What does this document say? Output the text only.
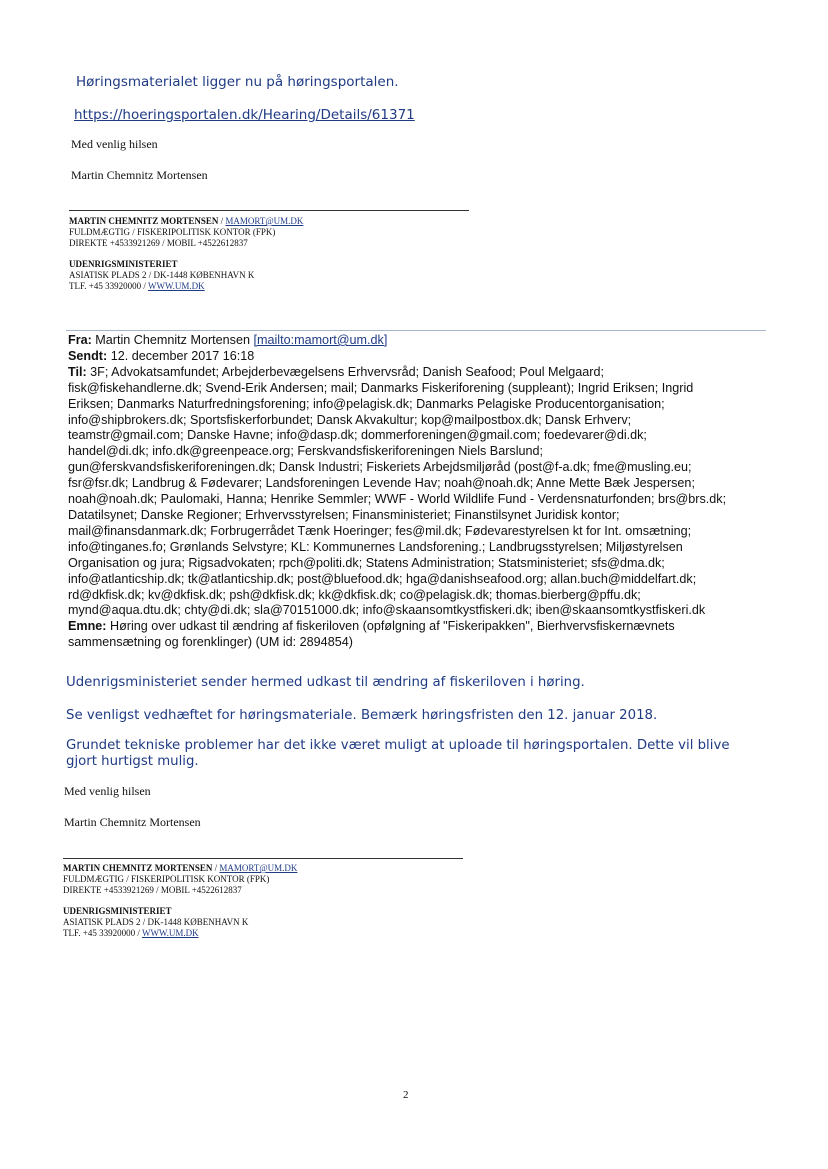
Høringsmaterialet ligger nu på høringsportalen.
https://hoeringsportalen.dk/Hearing/Details/61371
Med venlig hilsen
Martin Chemnitz Mortensen
MARTIN CHEMNITZ MORTENSEN / MAMORT@UM.DK
FULDMÆGTIG / FISKERIPOLITISK KONTOR (FPK)
DIREKTE +4533921269 / MOBIL +4522612837
UDENRIGSMINISTERIET
ASIATISK PLADS 2 / DK-1448 KØBENHAVN K
TLF. +45 33920000 / WWW.UM.DK
Fra: Martin Chemnitz Mortensen [mailto:mamort@um.dk]
Sendt: 12. december 2017 16:18
Til: 3F; Advokatsamfundet; Arbejderbevægelsens Erhvervsråd; Danish Seafood; Poul Melgaard;
fisk@fiskehandlerne.dk; Svend-Erik Andersen; mail; Danmarks Fiskeriforening (suppleant); Ingrid Eriksen; Ingrid
Eriksen; Danmarks Naturfredningsforening; info@pelagisk.dk; Danmarks Pelagiske Producentorganisation;
info@shipbrokers.dk; Sportsfiskerforbundet; Dansk Akvakultur; kop@mailpostbox.dk; Dansk Erhverv;
teamstr@gmail.com; Danske Havne; info@dasp.dk; dommerforeningen@gmail.com; foedevarer@di.dk;
handel@di.dk; info.dk@greenpeace.org; Ferskvandsfiskeriforeningen Niels Barslund;
gun@ferskvandsfiskeriforeningen.dk; Dansk Industri; Fiskeriets Arbejdsmiljøråd (post@f-a.dk; fme@musling.eu;
fsr@fsr.dk; Landbrug & Fødevarer; Landsforeningen Levende Hav; noah@noah.dk; Anne Mette Bæk Jespersen;
noah@noah.dk; Paulomaki, Hanna; Henrike Semmler; WWF - World Wildlife Fund - Verdensnaturfonden; brs@brs.dk;
Datatilsynet; Danske Regioner; Erhvervsstyrelsen; Finansministeriet; Finanstilsynet Juridisk kontor;
mail@finansdanmark.dk; Forbrugerrådet Tænk Hoeringer; fes@mil.dk; Fødevarestyrelsen kt for Int. omsætning;
info@tinganes.fo; Grønlands Selvstyre; KL: Kommunernes Landsforening.; Landbrugsstyrelsen; Miljøstyrelsen
Organisation og jura; Rigsadvokaten; rpch@politi.dk; Statens Administration; Statsministeriet; sfs@dma.dk;
info@atlanticship.dk; tk@atlanticship.dk; post@bluefood.dk; hga@danishseafood.org; allan.buch@middelfart.dk;
rd@dkfisk.dk; kv@dkfisk.dk; psh@dkfisk.dk; kk@dkfisk.dk; co@pelagisk.dk; thomas.bierberg@pffu.dk;
mynd@aqua.dtu.dk; chty@di.dk; sla@70151000.dk; info@skaansomtkystfiskeri.dk; iben@skaansomtkystfiskeri.dk
Emne: Høring over udkast til ændring af fiskeriloven (opfølgning af "Fiskeripakken", Bierhvervsfiskernævnets
sammensætning og forenklinger) (UM id: 2894854)
Udenrigsministeriet sender hermed udkast til ændring af fiskeriloven i høring.
Se venligst vedhæftet for høringsmateriale. Bemærk høringsfristen den 12. januar 2018.
Grundet tekniske problemer har det ikke været muligt at uploade til høringsportalen. Dette vil blive
gjort hurtigst mulig.
Med venlig hilsen
Martin Chemnitz Mortensen
MARTIN CHEMNITZ MORTENSEN / MAMORT@UM.DK
FULDMÆGTIG / FISKERIPOLITISK KONTOR (FPK)
DIREKTE +4533921269 / MOBIL +4522612837
UDENRIGSMINISTERIET
ASIATISK PLADS 2 / DK-1448 KØBENHAVN K
TLF. +45 33920000 / WWW.UM.DK
2
